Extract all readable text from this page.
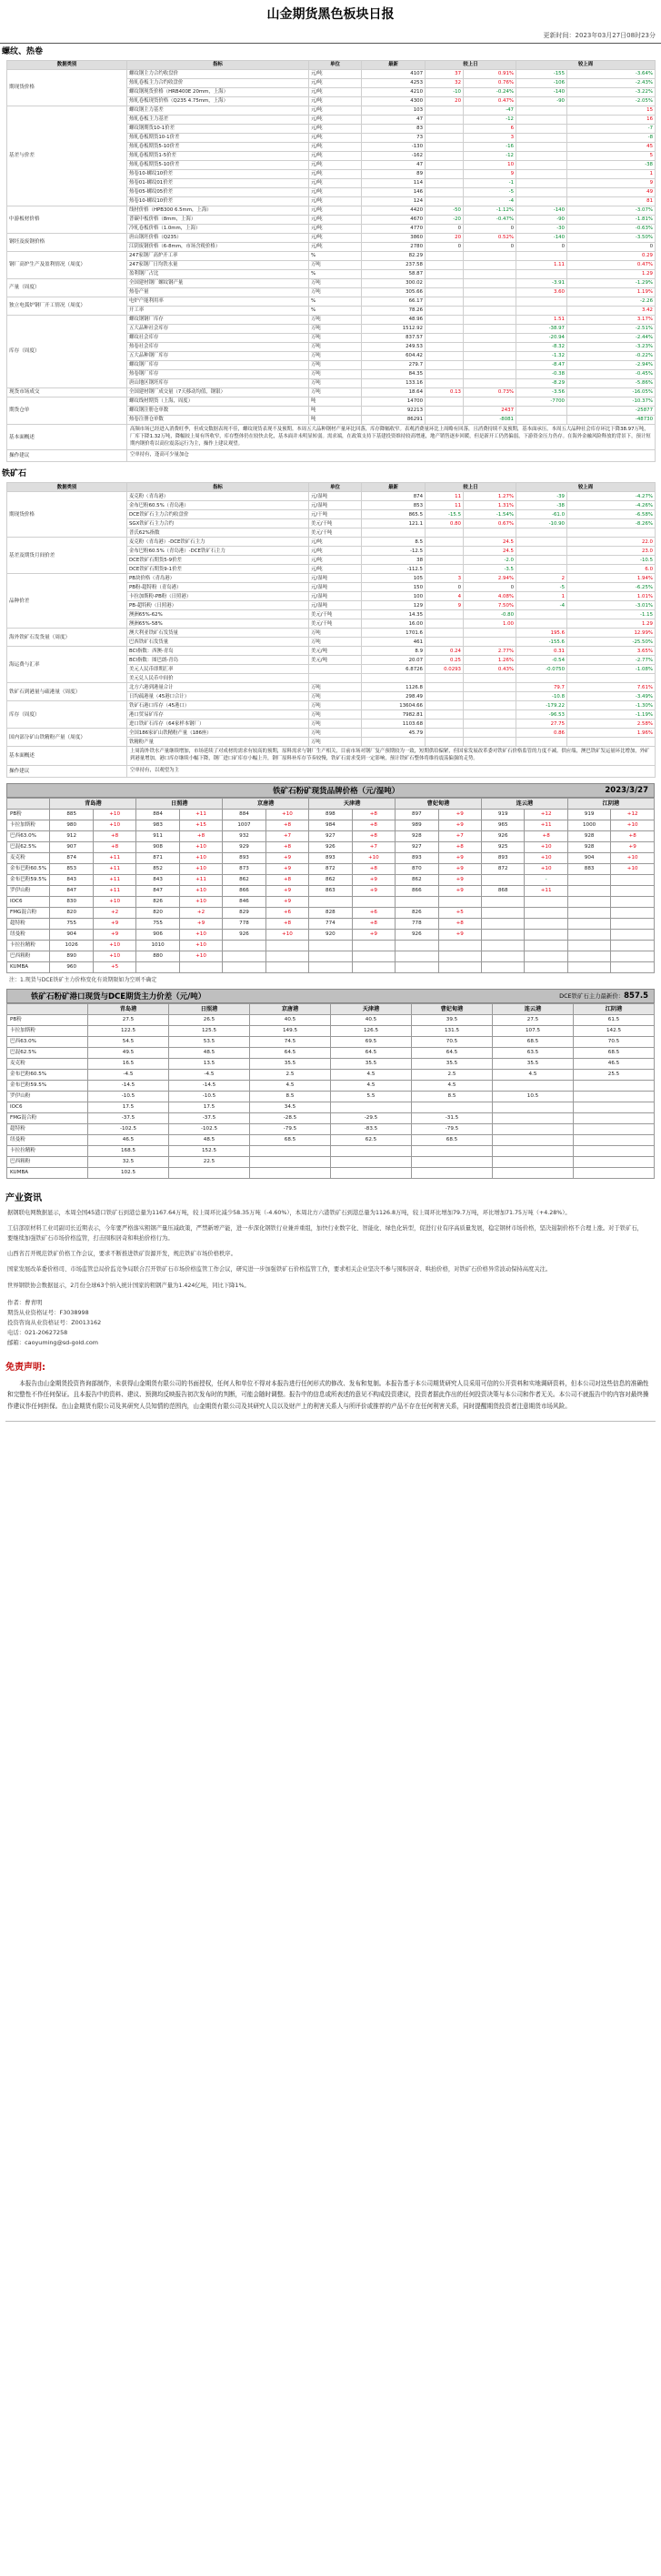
山金期货黑色板块日报
更新时间：2023年03月27日08时23分
螺纹、热卷
数据类别	指标	单位	最新	较上日		较上周	
期现货价格	螺纹钢主力合约收盘价	元/吨	4107	37	0.91%	-155	-3.64%
	热轧卷板主力合约收盘价	元/吨	4253	32	0.76%	-106	-2.43%
	螺纹钢现货价格（HRB400E 20mm，上海）	元/吨	4210	-10	-0.24%	-140	-3.22%
	热轧卷板现货价格（Q235 4.75mm，上海）	元/吨	4300	20	0.47%	-90	-2.05%
基差与价差	螺纹钢主力基差	元/吨	103		-47		15
	热轧卷板主力基差	元/吨	47		-12		16
	螺纹钢期货10-1价差	元/吨	83		6		-7
	热轧卷板期货10-1价差	元/吨	73		3		-8
	热轧卷板期货5-10价差	元/吨	-130		-16		45
	热轧卷板期货1-5价差	元/吨	-162		-12		5
	热轧卷板期货5-10价差	元/吨	47		10		-38
	热卷10-螺纹10价差	元/吨	89		9		1
	热卷01-螺纹01价差	元/吨	114		-1		9
	热卷05-螺纹05价差	元/吨	146		-5		49
	热卷10-螺纹10价差	元/吨	124		-4		81
中游板材价格	线材价格（HPB300 6.5mm，上海）	元/吨	4420	-50	-1.12%	-140	-3.07%
	普碳中板价格（8mm，上海）	元/吨	4670	-20	-0.47%	-90	-1.81%
	冷轧卷板价格（1.0mm，上海）	元/吨	4770	0	0	-30	-0.63%
钢坯及废钢价格	唐山钢坯价格（Q235）	元/吨	3860	20	0.52%	-140	-3.50%
	江阴废钢价格（6-8mm，市场含税价格）	元/吨	2780	0	0	0	0
钢厂高炉生产及盈利情况（周度）	247家钢厂高炉开工率	%	82.29				0.29
	247家钢厂日均铁水量	万吨	237.58			1.11	0.47%
	盈利钢厂占比	%	58.87				1.29
产量（周度）	全国建材钢厂螺纹钢产量	万吨	300.02			-3.91	-1.29%
	热卷产量	万吨	305.66			3.60	1.19%
独立电弧炉钢厂开工情况（周度）	电炉产能利用率	%	66.17				-2.26
	开工率	%	78.26				3.42
库存（周度）	螺纹钢钢厂库存	万吨	48.96			1.51	3.17%
	五大品种社会库存	万吨	1512.92			-38.97	-2.51%
	螺纹社会库存	万吨	837.57			-20.94	-2.44%
	热卷社会库存	万吨	249.53			-8.32	-3.23%
	五大品种钢厂库存	万吨	604.42			-1.32	-0.22%
	螺纹钢厂库存	万吨	279.7			-8.47	-2.94%
	热卷钢厂库存	万吨	84.35			-0.38	-0.45%
	唐山地区钢坯库存	万吨	133.16			-8.29	-5.86%
现货市场成交	全国建材钢厂成交量（7天移动均值，钢银）	万吨	18.64	0.13	0.73%	-3.56	-16.05%
期货仓单	螺纹线材期货（上海，周度）	吨	14700			-7700	-10.37%
	螺纹钢注册仓单数	吨	92213		2437		-25877
	热卷注册仓单数	吨	86291		-8081		-48730
基本面概述	高频市场已经进入消费旺季，但成交数据表现不佳，螺纹现货表现不及预期。本周五大品种钢材产量环比回落，库存降幅收窄。表观消费量环比上周略有回落，且消费持续不及预期，基本面承压。本周五大品种社会库存环比下降38.97万吨，厂库下降1.32万吨，降幅较上周有所收窄，库存整体仍在较快去化，基本面并未明显转弱。需求端，在政策支持下基建投资维持较高增速，地产销售逐步回暖，但是新开工仍然偏弱，下游资金压力仍存。在海外金融风险释放的背景下，预计短期内钢价将以高位震荡运行为主，操作上建议观望。						
操作建议	空单持有，逢高可少量加仓						
铁矿石
数据类别	指标	单位	最新	较上日		较上周	
期现货价格	麦克粉（青岛港）	元/湿吨	874	11	1.27%	-39	-4.27%
	金布巴粉60.5%（青岛港）	元/湿吨	853	11	1.31%	-38	-4.26%
	DCE铁矿石主力合约收盘价	元/干吨	865.5	-15.5	-1.54%	-61.0	-6.58%
	SGX铁矿石主力合约	美元/干吨	121.1	0.80	0.67%	-10.90	-8.26%
	普氏62%指数	美元/干吨					
基差及期货月间价差	麦克粉（青岛港）-DCE铁矿石主力	元/吨	8.5		24.5		22.0
	金布巴粉60.5%（青岛港）-DCE铁矿石主力	元/吨	-12.5		24.5		23.0
	DCE铁矿石期货5-9价差	元/吨	38		-2.0		-10.5
	DCE铁矿石期货9-1价差	元/吨	-112.5		-3.5		6.0
品种价差	PB块价格（青岛港）	元/湿吨	105	3	2.94%	2	1.94%
	PB粉-超特粉（青岛港）	元/湿吨	150	0	0	-5	-6.25%
	卡拉加斯粉-PB粉（日照港）	元/湿吨	100	4	4.08%	1	1.01%
	PB-超特粉（日照港）	元/湿吨	129	9	7.50%	-4	-3.01%
	澳洲65%-62%	美元/干吨	14.35		-0.80		-1.15
	澳洲65%-58%	美元/干吨	16.00		1.00		1.29
海外铁矿石发货量（周度）	澳大利亚铁矿石发货量	万吨	1701.6			195.6	12.99%
	巴西铁矿石发货量	万吨	461			-155.6	-25.50%
海运费与汇率	BCI指数：西澳-青岛	美元/吨	8.9	0.24	2.77%	0.31	3.65%
	BCI指数：图巴朗-青岛	美元/吨	20.07	0.25	1.26%	-0.54	-2.77%
	美元人民币即期汇率		6.8726	0.0293	0.43%	-0.0750	-1.08%
	美元兑人民币中间价						
铁矿石到港量与疏港量（周度）	北方六港到港量合计	万吨	1126.8			79.7	7.61%
	日均疏港量（45港口合计）	万吨	298.49			-10.8	-3.49%
库存（周度）	铁矿石港口库存（45港口）	万吨	13604.66			-179.22	-1.30%
	港口贸易矿库存	万吨	7982.81			-96.53	-1.19%
	进口铁矿石库存（64家样本钢厂）	万吨	1103.68			27.75	2.58%
国内部分矿山铁精粉产量（周度）	全国186家矿山铁精粉产量（186座）	万吨	45.79			0.86	1.96%
	铁精粉产量	万吨					
基本面概述	上周海外铁水产量继续增加，市场延续了对成材的需求有较高的预期，原料需求与钢厂生产相关，目前市场对钢厂复产预期较为一致，短期供给偏紧，但国家发展改革委对铁矿石价格监管的力度不减。供应端，澳巴铁矿发运量环比增加，外矿到港量增加，港口库存继续小幅下降，钢厂进口矿库存小幅上升，钢厂原料补库存节奏较慢，铁矿石需求受到一定影响，预计铁矿石整体将维持震荡偏强的走势。						
操作建议	空单持有，以观望为主						
铁矿石粉矿现货品牌价格（元/湿吨）	2023/3/27
	青岛港		日照港		京唐港		天津港		曹妃甸港		连云港		江阴港	
PB粉	885	+10	884	+11	884	+10	898	+8	897	+9	919	+12	919	+12
卡拉加斯粉	980	+10	983	+15	1007	+8	984	+8	989	+9	965	+11	1000	+10
巴西63.0%	912	+8	911	+8	932	+7	927	+8	928	+7	926	+8	928	+8
巴混62.5%	907	+8	908	+10	929	+8	926	+7	927	+8	925	+10	928	+9
麦克粉	874	+11	871	+10	893	+9	893	+10	893	+9	893	+10	904	+10
金布巴粉60.5%	853	+11	852	+10	873	+9	872	+8	870	+9	872	+10	883	+10
金布巴粉59.5%	843	+11	843	+11	862	+8	862	+9	862	+9		-		
罗伊山粉	847	+11	847	+10	866	+9	863	+9	866	+9	868	+11		
IOC6	830	+10	826	+10	846	+9								
FMG混合粉	820	+2	820	+2	829	+6	828	+6	826	+5				
超特粉	755	+9	755	+9	778	+8	774	+8	778	+8				
纽曼粉	904	+9	906	+10	926	+10	920	+9	926	+9				
卡拉拉精粉	1026	+10	1010	+10										
巴西粗粉	890	+10	880	+10										
KUMBA	960	+5												
注：1.现货与DCE铁矿主力价格变化有效期限如为空则不确定
铁矿石粉矿港口现货与DCE期货主力价差（元/吨）	DCE铁矿石主力最新价：857.5
	青岛港	日照港	京唐港	天津港	曹妃甸港	连云港	江阴港
PB粉	27.5	26.5	40.5	40.5	39.5	27.5	61.5
卡拉加斯粉	122.5	125.5	149.5	126.5	131.5	107.5	142.5
巴西63.0%	54.5	53.5	74.5	69.5	70.5	68.5	70.5
巴混62.5%	49.5	48.5	64.5	64.5	64.5	63.5	68.5
麦克粉	16.5	13.5	35.5	35.5	35.5	35.5	46.5
金布巴粉60.5%	-4.5	-4.5	2.5	4.5	2.5	4.5	25.5
金布巴粉59.5%	-14.5	-14.5	4.5	4.5	4.5		
罗伊山粉	-10.5	-10.5	8.5	5.5	8.5	10.5	
IOC6	17.5	17.5	34.5				
FMG混合粉	-37.5	-37.5	-28.5	-29.5	-31.5		
超特粉	-102.5	-102.5	-79.5	-83.5	-79.5		
纽曼粉	46.5	48.5	68.5	62.5	68.5		
卡拉拉精粉	168.5	152.5					
巴西粗粉	32.5	22.5					
KUMBA	102.5						
产业资讯

据钢联电网数据显示，本周全国45港口铁矿石到港总量为1167.64万吨，较上周环比减少58.35万吨（-4.60%），本周北方六港铁矿石到港总量为1126.8万吨，较上周环比增加79.7万吨，环比增加71.75万吨（+4.28%）。

工信部原材料工业司副司长近期表示，今年要严格落实粗钢产量压减政策，严禁新增产能，进一步深化钢铁行业兼并重组，加快行业数字化、智能化、绿色化转型，促进行业有序高质量发展，稳定钢材市场价格，坚决遏制价格不合理上涨。对于铁矿石，要继续加强铁矿石市场价格监管，打击囤积居奇和哄抬价格行为。

山西省召开规范铁矿价格工作会议，要求不断推进铁矿资源开发，规范铁矿市场价格秩序。

国家发展改革委价格司、市场监管总局价监竞争局联合召开铁矿石市场价格监管工作会议，研究进一步加强铁矿石价格监管工作，要求相关企业坚决不参与囤积居奇、哄抬价格，对铁矿石价格异常波动保持高度关注。

世界钢铁协会数据显示，2月份全球63个纳入统计国家的粗钢产量为1.424亿吨，同比下降1%。

作者：曹青明
期货从业资格证号：F3038998
投资咨询从业资格证号：Z0013162
电话：021-20627258
邮箱：caoyuming@sd-gold.com
免责声明:
本报告由山金期货投资咨询部制作，未获得山金期货有限公司的书面授权，任何人和单位不得对本报告进行任何形式的修改、发布和复制。本报告基于本公司期货研究人员采用可信的公开资料和实地调研资料，但本公司对这些信息的准确性和完整性不作任何保证。且本报告中的资料、建议、预测均反映报告初次发布时的判断，可能会随时调整。报告中的信息或所表述的意见不构成投资建议，投资者据此作出的任何投资决策与本公司和作者无关。本公司不就报告中的内容对最终操作建议作任何担保。在山金期货有限公司及其研究人员知情的范围内，山金期货有限公司及其研究人员以及财产上的利害关系人与所评价或推荐的产品不存在任何利害关系，同时提醒期货投资者注意期货市场风险。
